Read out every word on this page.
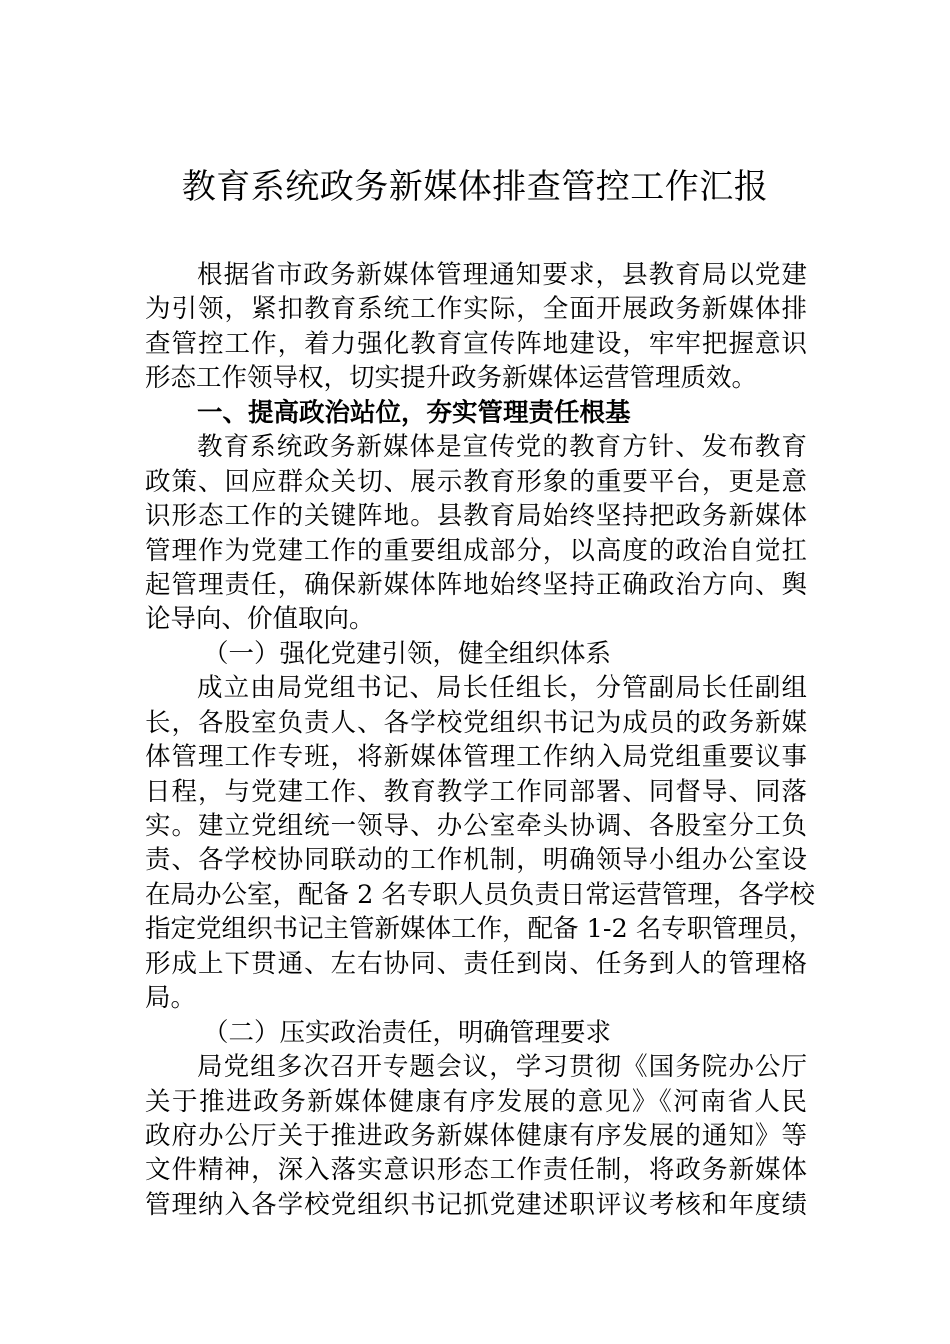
教育系统政务新媒体排查管控工作汇报
根据省市政务新媒体管理通知要求，县教育局以党建
为引领，紧扣教育系统工作实际，全面开展政务新媒体排
查管控工作，着力强化教育宣传阵地建设，牢牢把握意识
形态工作领导权，切实提升政务新媒体运营管理质效。
一、提高政治站位，夯实管理责任根基
教育系统政务新媒体是宣传党的教育方针、发布教育
政策、回应群众关切、展示教育形象的重要平台，更是意
识形态工作的关键阵地。县教育局始终坚持把政务新媒体
管理作为党建工作的重要组成部分，以高度的政治自觉扛
起管理责任，确保新媒体阵地始终坚持正确政治方向、舆
论导向、价值取向。
（一）强化党建引领，健全组织体系
成立由局党组书记、局长任组长，分管副局长任副组
长，各股室负责人、各学校党组织书记为成员的政务新媒
体管理工作专班，将新媒体管理工作纳入局党组重要议事
日程，与党建工作、教育教学工作同部署、同督导、同落
实。建立党组统一领导、办公室牵头协调、各股室分工负
责、各学校协同联动的工作机制，明确领导小组办公室设
在局办公室，配备 2 名专职人员负责日常运营管理，各学校
指定党组织书记主管新媒体工作，配备 1-2 名专职管理员，
形成上下贯通、左右协同、责任到岗、任务到人的管理格
局。
（二）压实政治责任，明确管理要求
局党组多次召开专题会议，学习贯彻《国务院办公厅
关于推进政务新媒体健康有序发展的意见》《河南省人民
政府办公厅关于推进政务新媒体健康有序发展的通知》等
文件精神，深入落实意识形态工作责任制，将政务新媒体
管理纳入各学校党组织书记抓党建述职评议考核和年度绩
